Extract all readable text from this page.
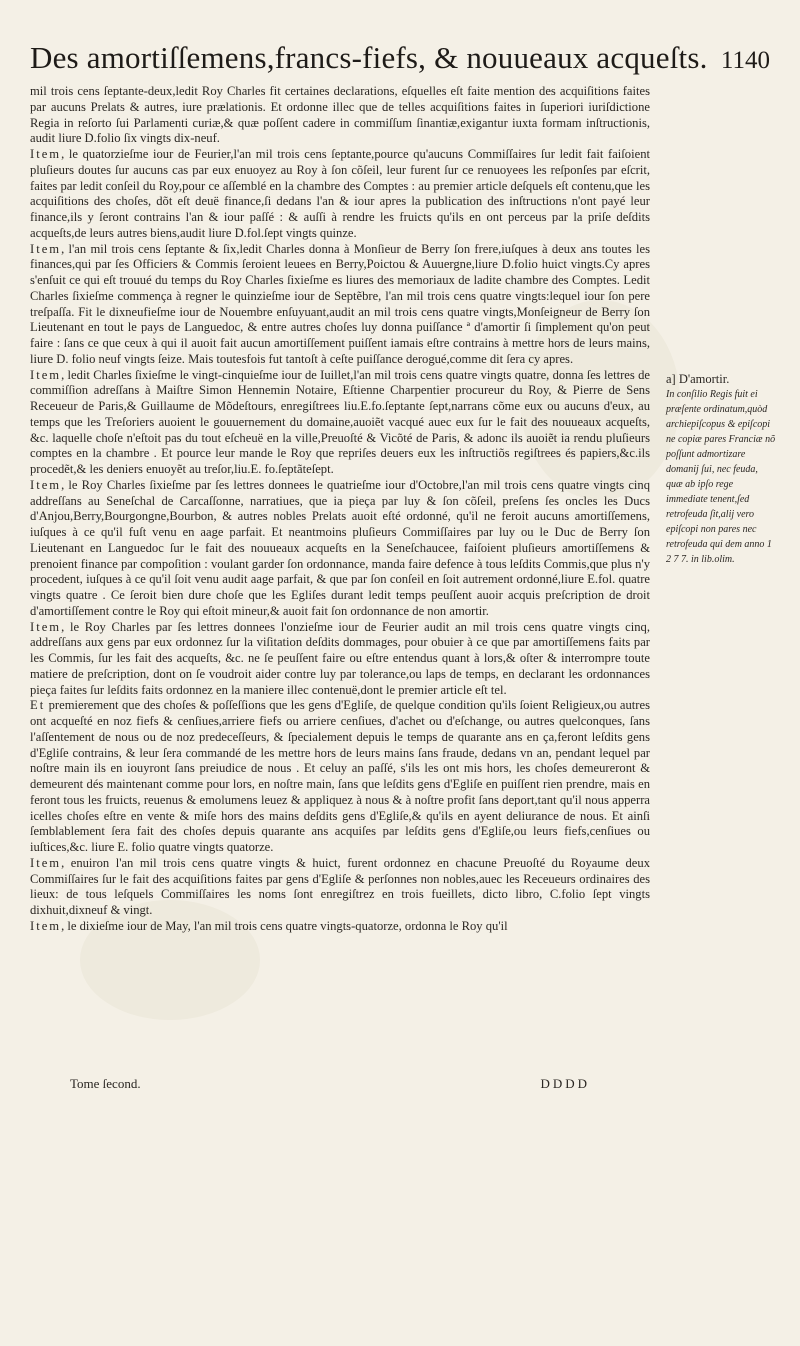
Des amortiſſemens,francs-fiefs, & nouueaux acqueſts. 1140

mil trois cens ſeptante-deux,ledit Roy Charles fit certaines declarations, eſquelles eſt faite mention des acquiſitions faites par aucuns Prelats & autres, iure prælationis. Et ordonne illec que de telles acquiſitions faites in ſuperiori iuriſdictione Regia in reſorto ſui Parlamenti curiæ,& quæ poſſent cadere in commiſſum ſinantiæ,exigantur iuxta formam inſtructionis, audit liure D.folio ſix vingts dix-neuf.

Item, le quatorzieſme iour de Feurier,l'an mil trois cens ſeptante,pource qu'aucuns Commiſſaires ſur ledit fait faiſoient pluſieurs doutes ſur aucuns cas par eux enuoyez au Roy à ſon cõſeil, leur furent ſur ce renuoyees les reſponſes par eſcrit, faites par ledit conſeil du Roy,pour ce aſſemblé en la chambre des Comptes : au premier article deſquels eſt contenu,que les acquiſitions des choſes, dõt eſt deuë finance,ſi dedans l'an & iour apres la publication des inſtructions n'ont payé leur finance,ils y ſeront contrains l'an & iour paſſé : & auſſi à rendre les fruicts qu'ils en ont perceus par la priſe deſdits acqueſts,de leurs autres biens,audit liure D.fol.ſept vingts quinze.

Item, l'an mil trois cens ſeptante & ſix,ledit Charles donna à Monſieur de Berry ſon frere,iuſques à deux ans toutes les finances,qui par ſes Officiers & Commis ſeroient leuees en Berry,Poictou & Auuergne,liure D.folio huict vingts.Cy apres s'enſuit ce qui eſt trouué du temps du Roy Charles ſixieſme es liures des memoriaux de ladite chambre des Comptes. Ledit Charles ſixieſme commença à regner le quinzieſme iour de Septẽbre, l'an mil trois cens quatre vingts:lequel iour ſon pere treſpaſſa. Fit le dixneufieſme iour de Nouembre enſuyuant,audit an mil trois cens quatre vingts,Monſeigneur de Berry ſon Lieutenant en tout le pays de Languedoc, & entre autres choſes luy donna puiſſance ª d'amortir ſi ſimplement qu'on peut faire : ſans ce que ceux à qui il auoit fait aucun amortiſſement puiſſent iamais eſtre contrains à mettre hors de leurs mains, liure D. folio neuf vingts ſeize. Mais toutesfois fut tantoſt à ceſte puiſſance derogué,comme dit ſera cy apres.

Item, ledit Charles ſixieſme le vingt-cinquieſme iour de Iuillet,l'an mil trois cens quatre vingts quatre, donna ſes lettres de commiſſion adreſſans à Maiſtre Simon Hennemin Notaire, Eſtienne Charpentier procureur du Roy, & Pierre de Sens Receueur de Paris,& Guillaume de Mõdeſtours, enregiſtrees liu.E.fo.ſeptante ſept,narrans cõme eux ou aucuns d'eux, au temps que les Treſoriers auoient le gouuernement du domaine,auoiẽt vacqué auec eux ſur le fait des nouueaux acqueſts, &c. laquelle choſe n'eſtoit pas du tout eſcheuë en la ville,Preuoſté & Vicõté de Paris, & adonc ils auoiẽt ia rendu pluſieurs comptes en la chambre . Et pource leur mande le Roy que repriſes deuers eux les inſtructiõs regiſtrees és papiers,&c.ils procedẽt,& les deniers enuoyẽt au treſor,liu.E. fo.ſeptãteſept.

Item, le Roy Charles ſixieſme par ſes lettres donnees le quatrieſme iour d'Octobre,l'an mil trois cens quatre vingts cinq addreſſans au Seneſchal de Carcaſſonne, narratiues, que ia pieça par luy & ſon cõſeil, preſens ſes oncles les Ducs d'Anjou,Berry,Bourgongne,Bourbon, & autres nobles Prelats auoit eſté ordonné, qu'il ne feroit aucuns amortiſſemens, iuſques à ce qu'il fuſt venu en aage parfait. Et neantmoins pluſieurs Commiſſaires par luy ou le Duc de Berry ſon Lieutenant en Languedoc ſur le fait des nouueaux acqueſts en la Seneſchaucee, faiſoient pluſieurs amortiſſemens & prenoient finance par compoſition : voulant garder ſon ordonnance, manda faire defence à tous leſdits Commis,que plus n'y procedent, iuſques à ce qu'il ſoit venu audit aage parfait, & que par ſon conſeil en ſoit autrement ordonné,liure E.fol. quatre vingts quatre . Ce ſeroit bien dure choſe que les Egliſes durant ledit temps peuſſent auoir acquis preſcription de droit d'amortiſſement contre le Roy qui eſtoit mineur,& auoit fait ſon ordonnance de non amortir.

Item, le Roy Charles par ſes lettres donnees l'onzieſme iour de Feurier audit an mil trois cens quatre vingts cinq, addreſſans aux gens par eux ordonnez ſur la viſitation deſdits dommages, pour obuier à ce que par amortiſſemens faits par les Commis, ſur les fait des acqueſts, &c. ne ſe peuſſent faire ou eſtre entendus quant à lors,& oſter & interrompre toute matiere de preſcription, dont on ſe voudroit aider contre luy par tolerance,ou laps de temps, en declarant les ordonnances pieça faites ſur leſdits faits ordonnez en la maniere illec contenuë,dont le premier article eſt tel.

Et premierement que des choſes & poſſeſſions que les gens d'Egliſe, de quelque condition qu'ils ſoient Religieux,ou autres ont acqueſté en noz fiefs & cenſiues,arriere fiefs ou arriere cenſiues, d'achet ou d'eſchange, ou autres quelconques, ſans l'aſſentement de nous ou de noz predeceſſeurs, & ſpecialement depuis le temps de quarante ans en ça,feront leſdits gens d'Egliſe contrains, & leur ſera commandé de les mettre hors de leurs mains ſans fraude, dedans vn an, pendant lequel par noſtre main ils en iouyront ſans preiudice de nous . Et celuy an paſſé, s'ils les ont mis hors, les choſes demeureront & demeurent dés maintenant comme pour lors, en noſtre main, ſans que leſdits gens d'Egliſe en puiſſent rien prendre, mais en feront tous les fruicts, reuenus & emolumens leuez & appliquez à nous & à noſtre profit ſans deport,tant qu'il nous apperra icelles choſes eſtre en vente & miſe hors des mains deſdits gens d'Egliſe,& qu'ils en ayent deliurance de nous. Et ainſi ſemblablement ſera fait des choſes depuis quarante ans acquiſes par leſdits gens d'Egliſe,ou leurs fiefs,cenſiues ou iuſtices,&c. liure E. folio quatre vingts quatorze.

Item, enuiron l'an mil trois cens quatre vingts & huict, furent ordonnez en chacune Preuoſté du Royaume deux Commiſſaires ſur le fait des acquiſitions faites par gens d'Egliſe & perſonnes non nobles,auec les Receueurs ordinaires des lieux: de tous leſquels Commiſſaires les noms ſont enregiſtrez en trois fueillets, dicto libro, C.folio ſept vingts dixhuit,dixneuf & vingt.

Item, le dixieſme iour de May, l'an mil trois cens quatre vingts-quatorze, ordonna le Roy qu'il

a] D'amortir.
In conſilio Regis fuit ei præſente ordinatum,quòd archiepiſcopus & epiſcopi ne copiæ pares Franciæ nõ poſſunt admortizare domanij ſui, nec feuda, quæ ab ipſo rege immediate tenent,ſed retrofeuda ſit,alij vero epiſcopi non pares nec retrofeuda qui dem anno 1 2 7 7. in lib.olim.
Tome ſecond.	DDDD
